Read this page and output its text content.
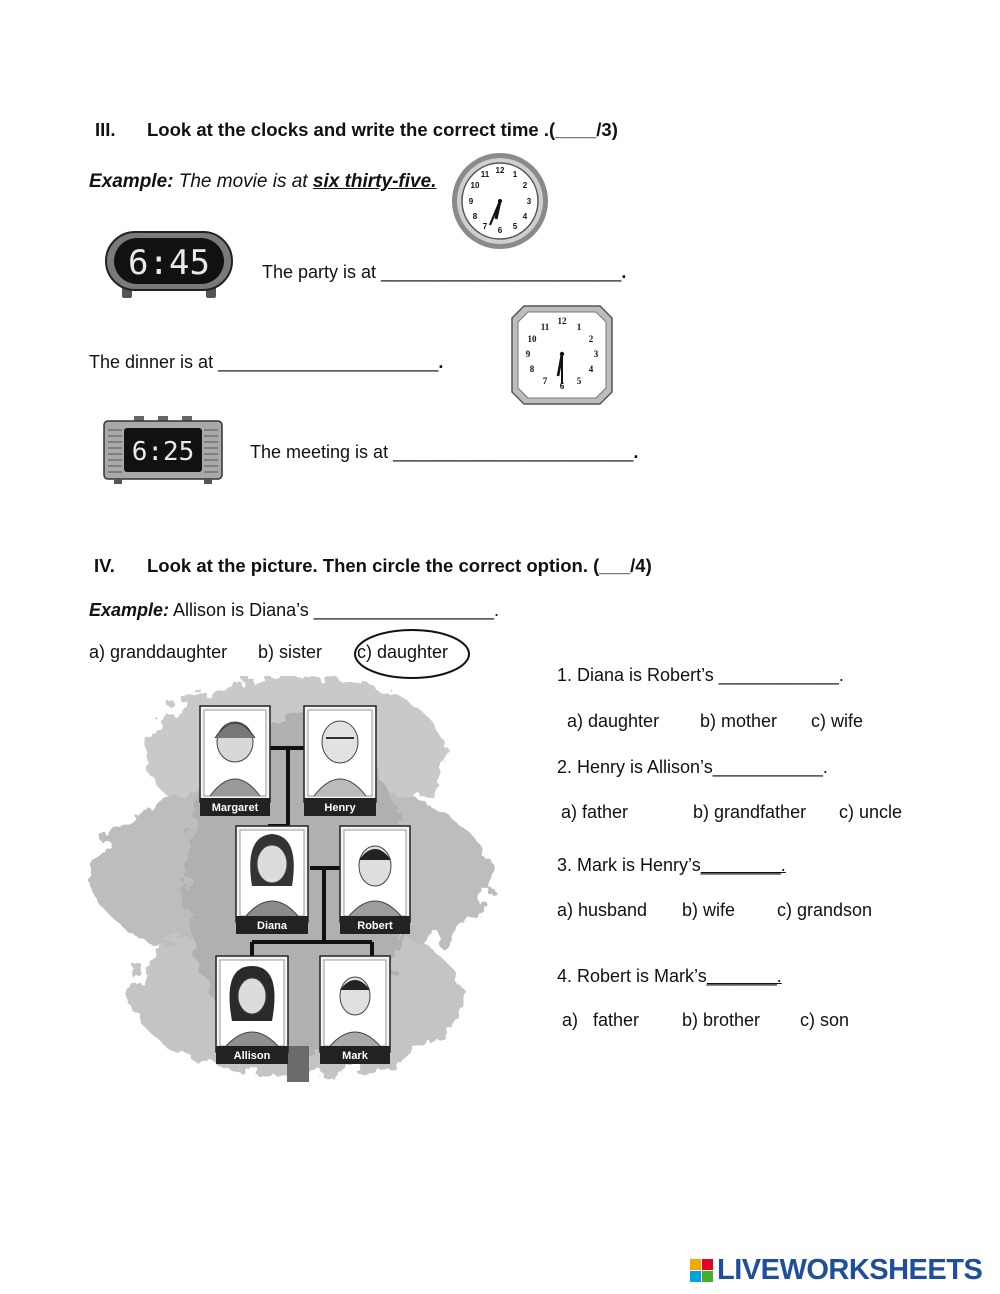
III. Look at the clocks and write the correct time .(____/3)
Example: The movie is at six thirty-five.
12 1
2
3
4
5
6
7
8
9
10
11
6:45	The party is at ________________________.
The dinner is at ______________________.
12
1
2
3
4
5
6
7
8
9
10
11
6:25	The meeting is at ________________________.
IV. Look at the picture. Then circle the correct option. (___/4)
Example: Allison is Diana’s __________________.
a) granddaughter b) sister c) daughter
Margaret	Henry
Diana	Robert
Allison	Mark
1. Diana is Robert’s ____________.
a) daughter b) mother c) wife
2. Henry is Allison’s___________.
a) father	b) grandfather c) uncle
3. Mark is Henry’s________.
a) husband b) wife c) grandson
4. Robert is Mark’s_______.
a) father b) brother c) son
LIVEWORKSHEETS
